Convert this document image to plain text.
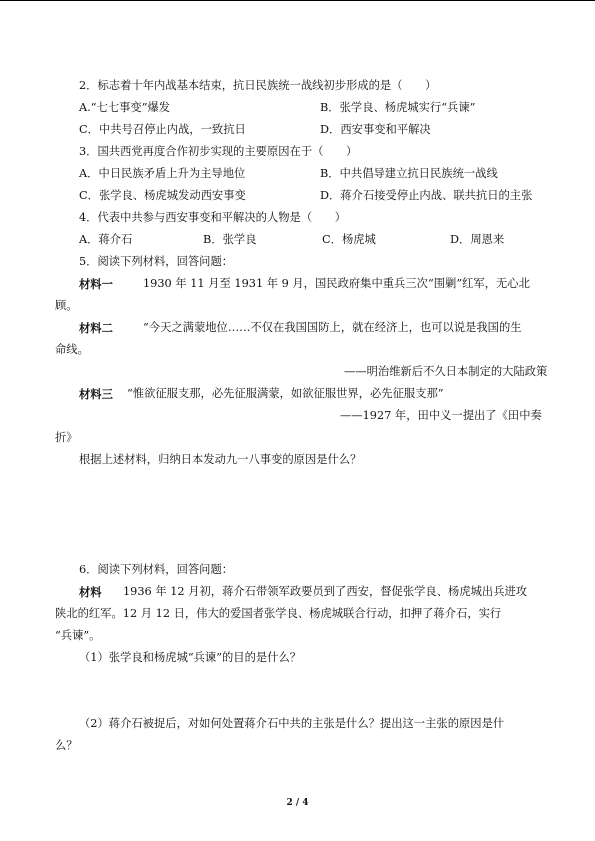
2．标志着十年内战基本结束，抗日民族统一战线初步形成的是（　　）
A.“七七事变”爆发	B．张学良、杨虎城实行“兵谏”
C．中共号召停止内战，一致抗日	D．西安事变和平解决
3．国共西党再度合作初步实现的主要原因在于（　　）
A．中日民族矛盾上升为主导地位	B．中共倡导建立抗日民族统一战线
C．张学良、杨虎城发动西安事变	D．蒋介石接受停止内战、联共抗日的主张
4．代表中共参与西安事变和平解决的人物是（　　）
A．蒋介石	B．张学良	C．杨虎城	D．周恩来
5．阅读下列材料，回答问题：
材料一	1930 年 11 月至 1931 年 9 月，国民政府集中重兵三次“围剿”红军，无心北
顾。
材料二	“今天之满蒙地位……不仅在我国国防上，就在经济上，也可以说是我国的生
命线。
——明治维新后不久日本制定的大陆政策
材料三 “惟欲征服支那，必先征服满蒙，如欲征服世界，必先征服支那”
——1927 年，田中义一提出了《田中奏
折》
根据上述材料，归纳日本发动九一八事变的原因是什么？
6．阅读下列材料，回答问题：
材料 1936 年 12 月初，蒋介石带领军政要员到了西安，督促张学良、杨虎城出兵进攻
陕北的红军。12 月 12 日，伟大的爱国者张学良、杨虎城联合行动，扣押了蒋介石，实行
“兵谏”。
（1）张学良和杨虎城“兵谏”的目的是什么？
（2）蒋介石被捉后，对如何处置蒋介石中共的主张是什么？提出这一主张的原因是什
么？
2 / 4
